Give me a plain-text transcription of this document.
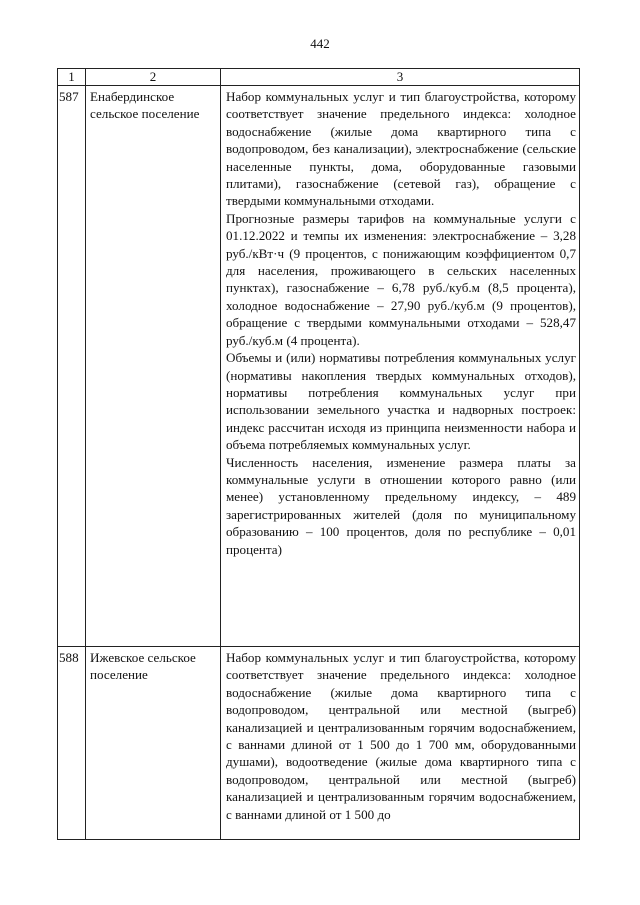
442
1	2	3
587	Енабердинское сельское поселение	Набор коммунальных услуг и тип благоустройства, которому соответствует значение предельного индекса: холодное водоснабжение (жилые дома квартирного типа с водопроводом, без канализации), электроснабжение (сельские населенные пункты, дома, оборудованные газовыми плитами), газоснабжение (сетевой газ), обращение с твердыми коммунальными отходами.

Прогнозные размеры тарифов на коммунальные услуги с 01.12.2022 и темпы их изменения: электроснабжение – 3,28 руб./кВт·ч (9 процентов, с понижающим коэффициентом 0,7 для населения, проживающего в сельских населенных пунктах), газоснабжение – 6,78 руб./куб.м (8,5 процента), холодное водоснабжение – 27,90 руб./куб.м (9 процентов), обращение с твердыми коммунальными отходами – 528,47 руб./куб.м (4 процента).

Объемы и (или) нормативы потребления коммунальных услуг (нормативы накопления твердых коммунальных отходов), нормативы потребления коммунальных услуг при использовании земельного участка и надворных построек: индекс рассчитан исходя из принципа неизменности набора и объема потребляемых коммунальных услуг.

Численность населения, изменение размера платы за коммунальные услуги в отношении которого равно (или менее) установленному предельному индексу, – 489 зарегистрированных жителей (доля по муниципальному образованию – 100 процентов, доля по республике – 0,01 процента)

588	Ижевское сельское поселение	Набор коммунальных услуг и тип благоустройства, которому соответствует значение предельного индекса: холодное водоснабжение (жилые дома квартирного типа с водопроводом, центральной или местной (выгреб) канализацией и централизованным горячим водоснабжением, с ваннами длиной от 1 500 до 1 700 мм, оборудованными душами), водоотведение (жилые дома квартирного типа с водопроводом, центральной или местной (выгреб) канализацией и централизованным горячим водоснабжением, с ваннами длиной от 1 500 до
